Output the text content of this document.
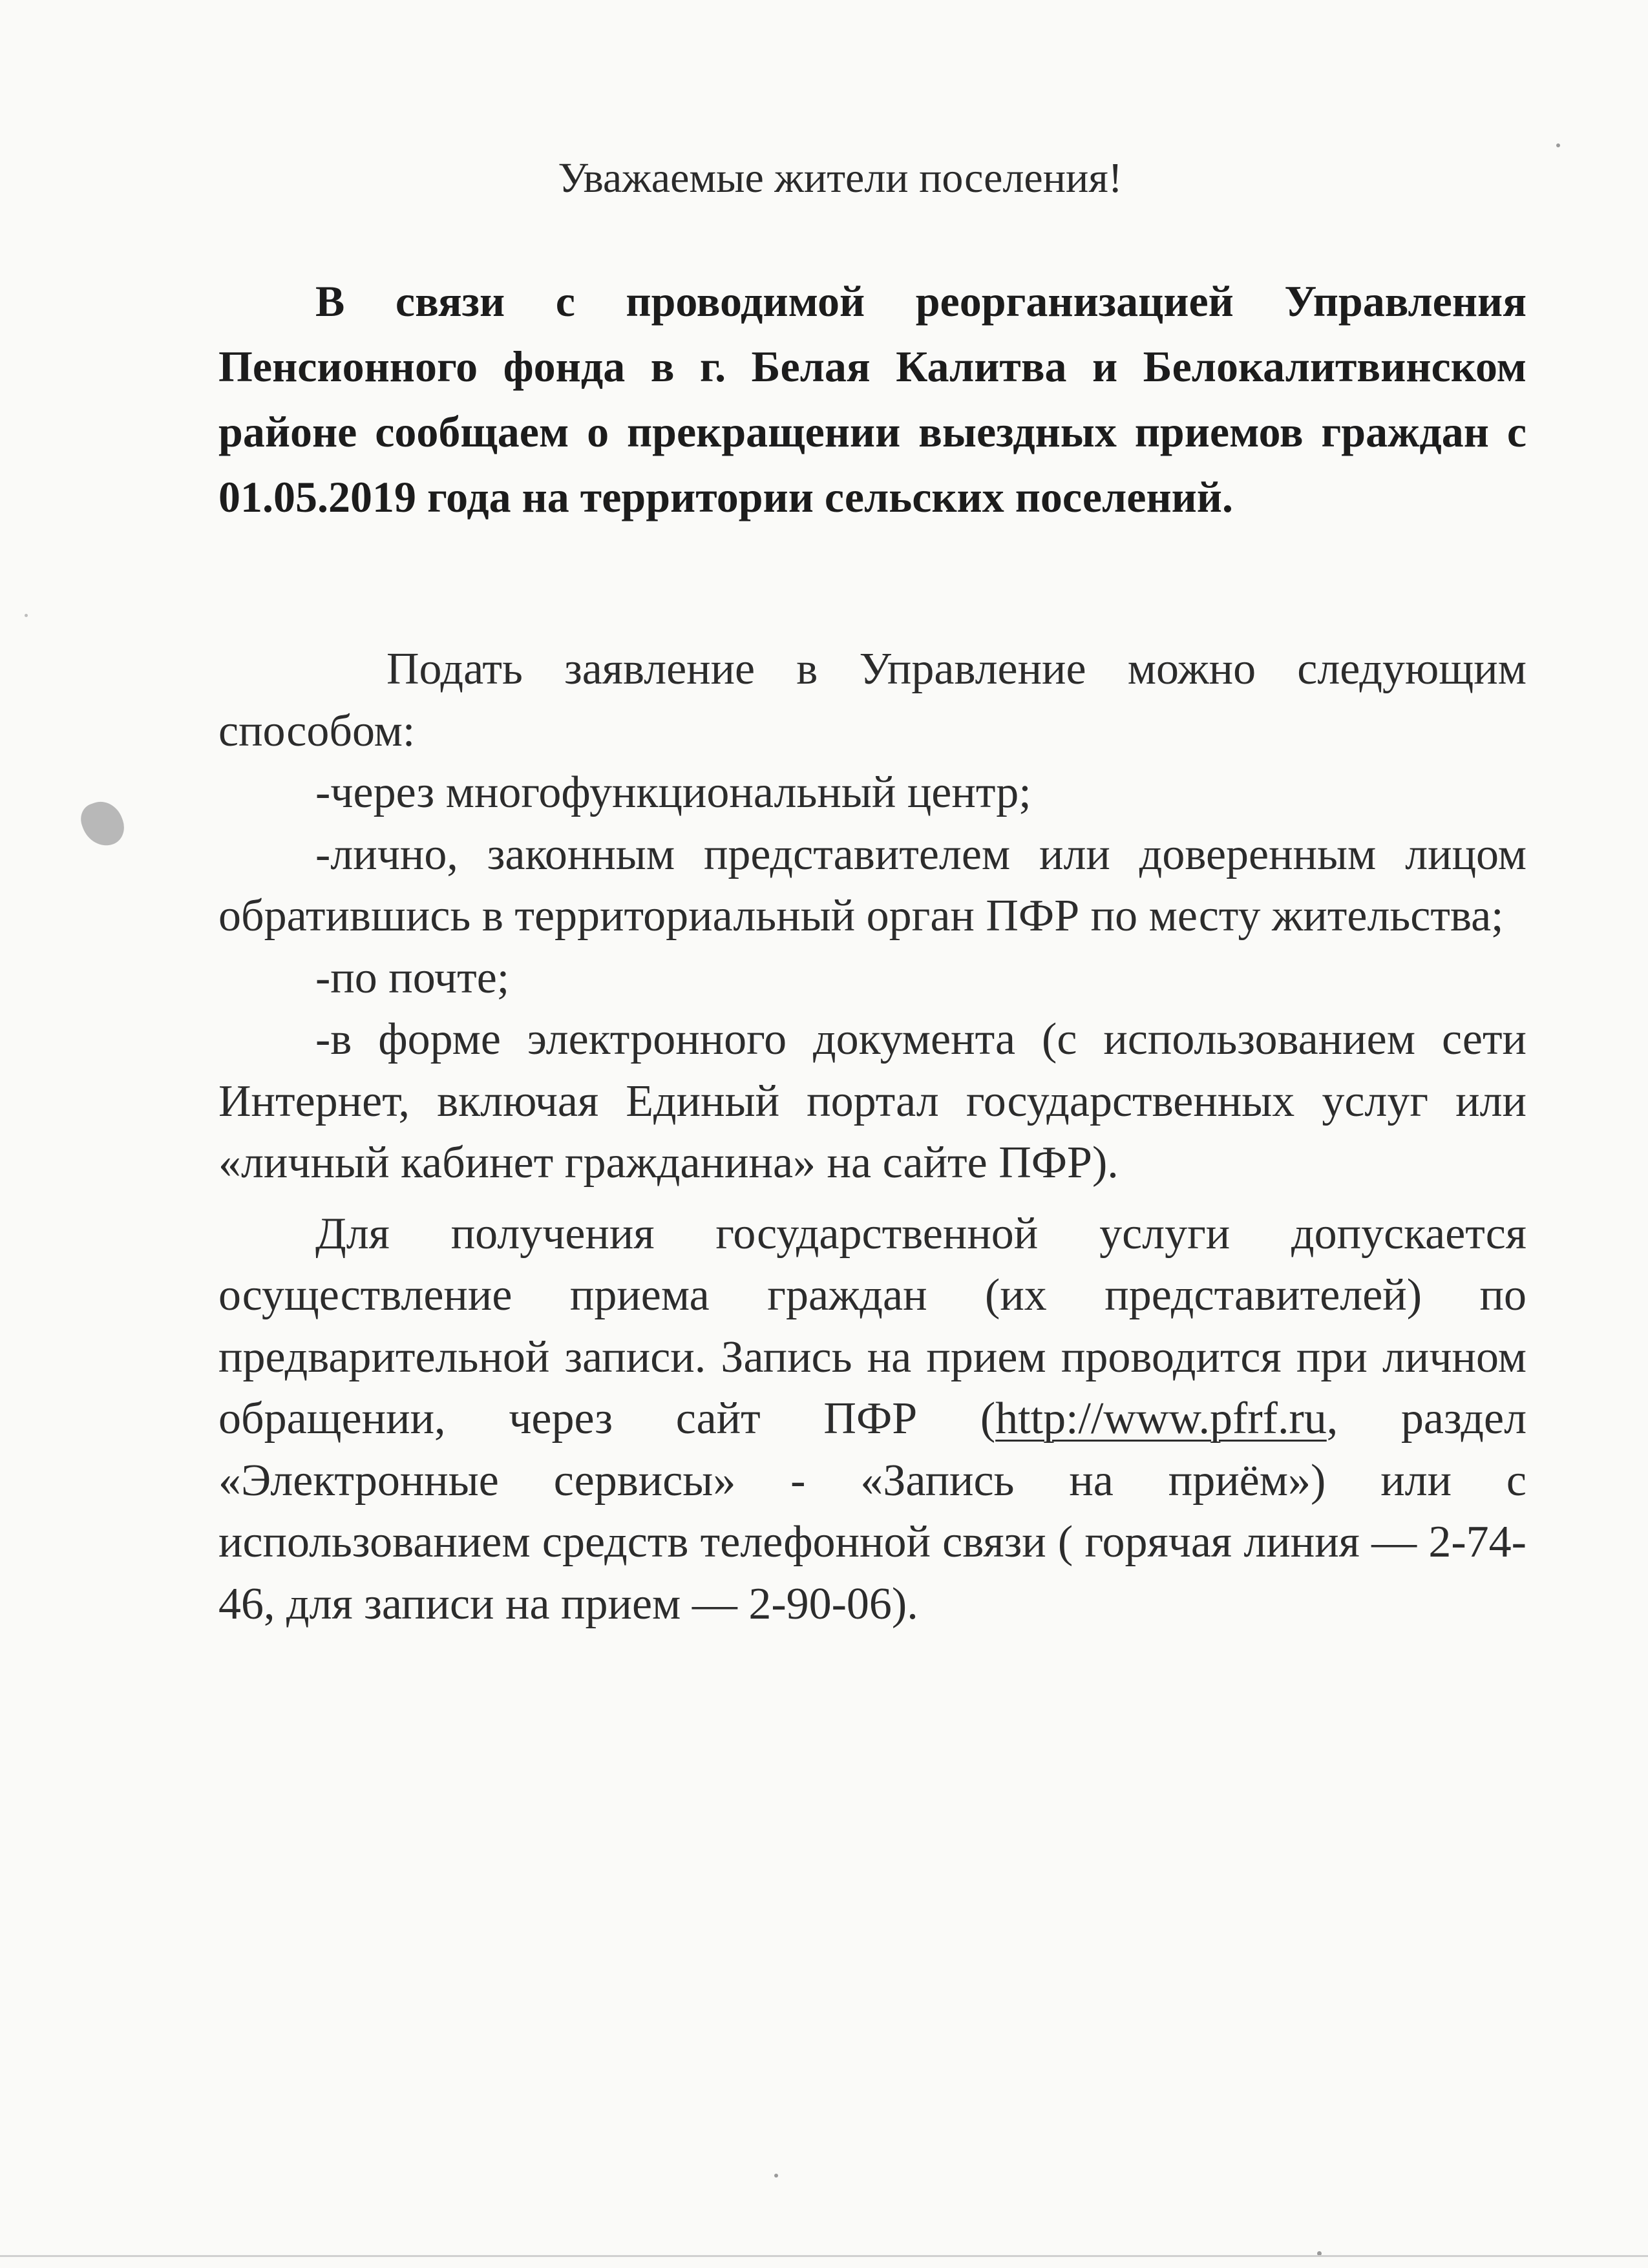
Уважаемые жители поселения!

В связи с проводимой реорганизацией Управления Пенсионного фонда в г. Белая Калитва и Белокалитвинском районе сообщаем о прекращении выездных приемов граждан с 01.05.2019 года на территории сельских поселений.

Подать заявление в Управление можно следующим способом:

-через многофункциональный центр;

-лично, законным представителем или доверенным лицом обратившись в территориальный орган ПФР по месту жительства;

-по почте;

-в форме электронного документа (с использованием сети Интернет, включая Единый портал государственных услуг или «личный кабинет гражданина» на сайте ПФР).

Для получения государственной услуги допускается осуществление приема граждан (их представителей) по предварительной записи. Запись на прием проводится при личном обращении, через сайт ПФР (http://www.pfrf.ru, раздел «Электронные сервисы» - «Запись на приём») или с использованием средств телефонной связи ( горячая линия — 2-74-46, для записи на прием — 2-90-06).
